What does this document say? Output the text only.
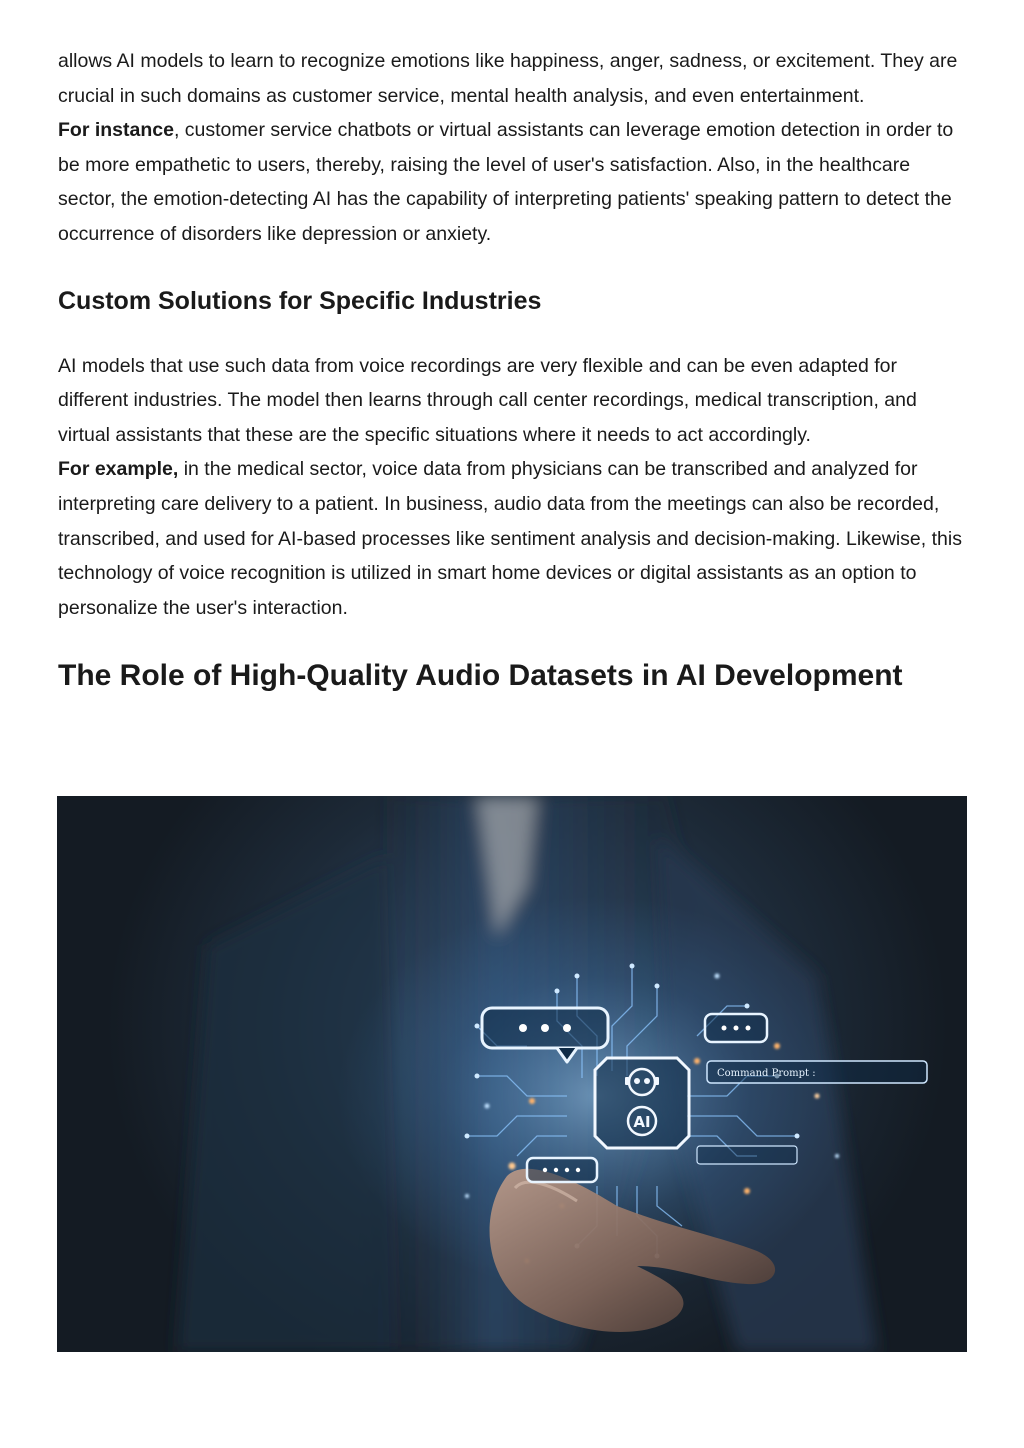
allows AI models to learn to recognize emotions like happiness, anger, sadness, or excitement. They are crucial in such domains as customer service, mental health analysis, and even entertainment.

For instance, customer service chatbots or virtual assistants can leverage emotion detection in order to be more empathetic to users, thereby, raising the level of user's satisfaction. Also, in the healthcare sector, the emotion-detecting AI has the capability of interpreting patients' speaking pattern to detect the occurrence of disorders like depression or anxiety.

Custom Solutions for Specific Industries

AI models that use such data from voice recordings are very flexible and can be even adapted for different industries. The model then learns through call center recordings, medical transcription, and virtual assistants that these are the specific situations where it needs to act accordingly.

For example, in the medical sector, voice data from physicians can be transcribed and analyzed for interpreting care delivery to a patient. In business, audio data from the meetings can also be recorded, transcribed, and used for AI-based processes like sentiment analysis and decision-making. Likewise, this technology of voice recognition is utilized in smart home devices or digital assistants as an option to personalize the user's interaction.

The Role of High-Quality Audio Datasets in AI Development
Command Prompt :
AI
